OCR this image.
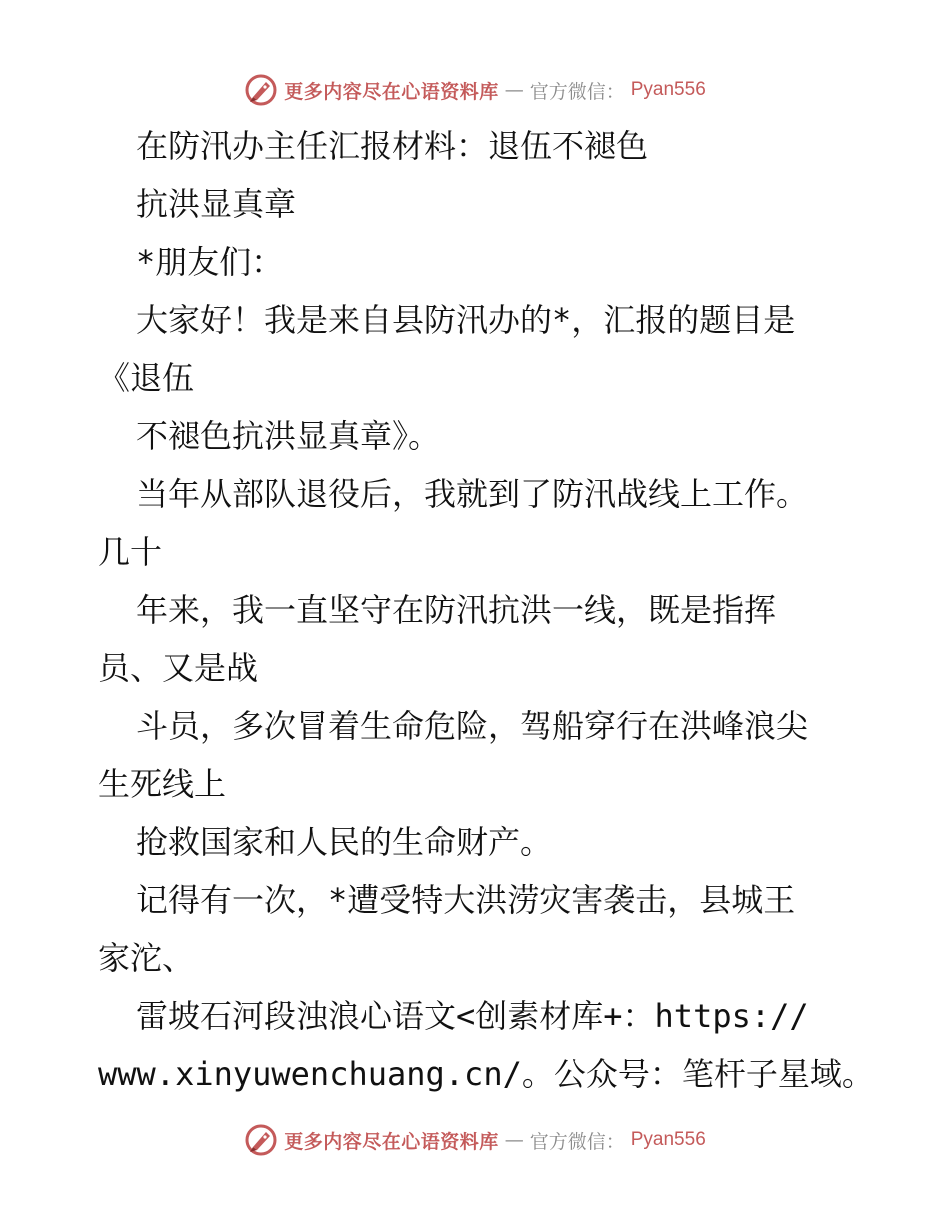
更多内容尽在心语资料库 — 官方微信： Pyan556
在防汛办主任汇报材料：退伍不褪色
抗洪显真章
*朋友们：
大家好！我是来自县防汛办的*，汇报的题目是
《退伍
不褪色抗洪显真章》。
当年从部队退役后，我就到了防汛战线上工作。
几十
年来，我一直坚守在防汛抗洪一线，既是指挥
员、又是战
斗员，多次冒着生命危险，驾船穿行在洪峰浪尖
生死线上
抢救国家和人民的生命财产。
记得有一次，*遭受特大洪涝灾害袭击，县城王
家沱、
雷坡石河段浊浪心语文<创素材库+：https://
www.xinyuwenchuang.cn/。公众号：笔杆子星域。
更多内容尽在心语资料库 — 官方微信： Pyan556
